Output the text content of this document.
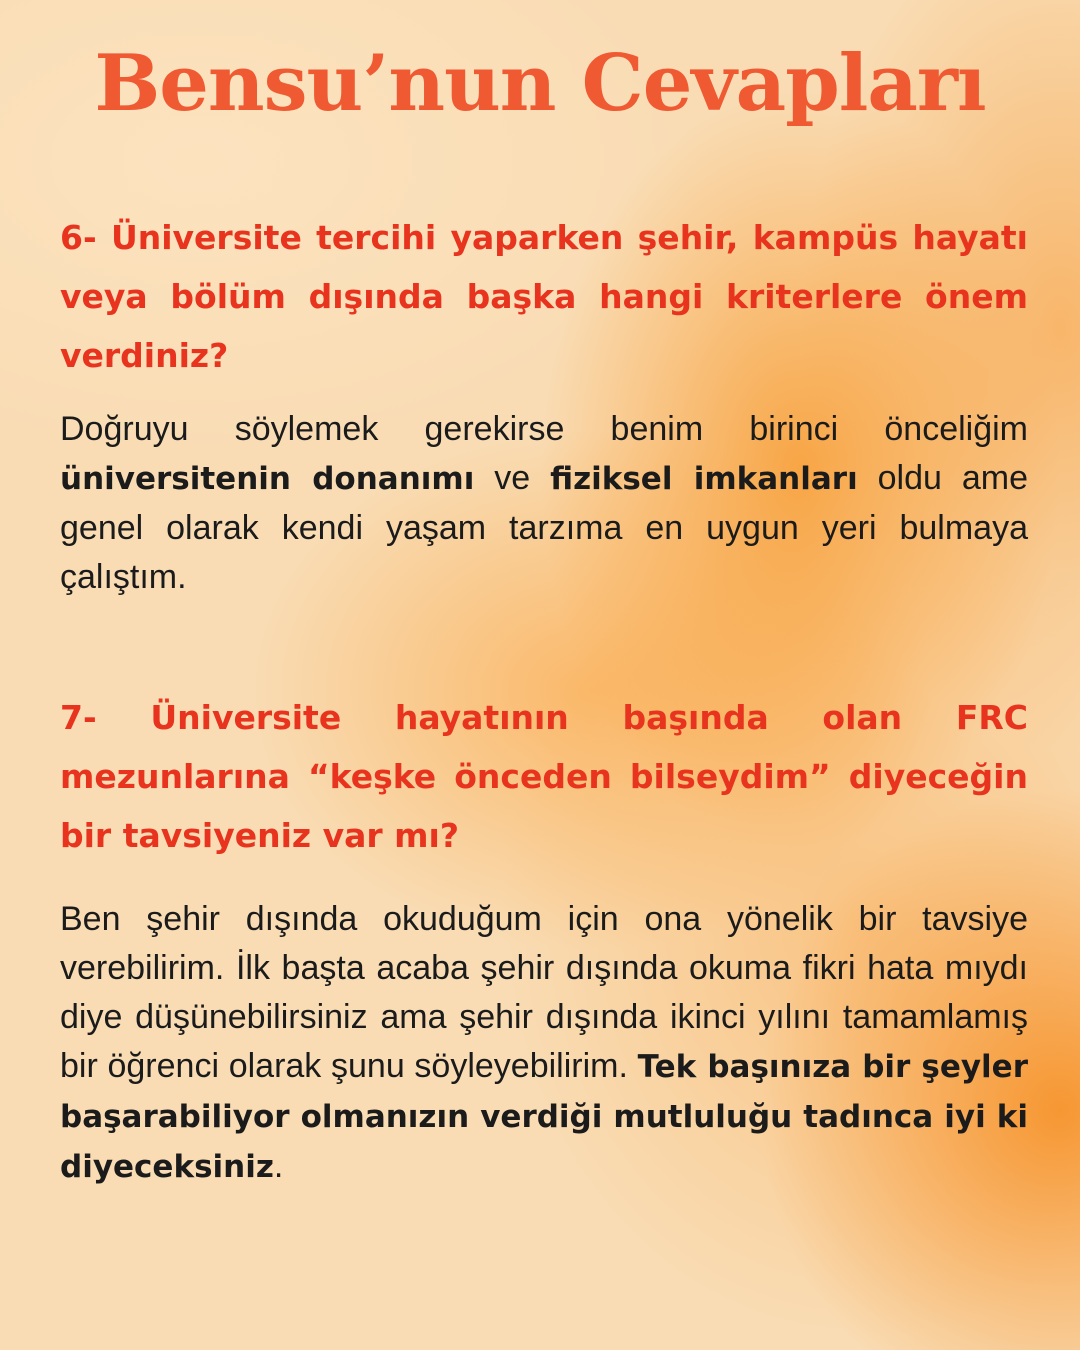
Bensu’nun Cevapları

6- Üniversite tercihi yaparken şehir, kampüs hayatı veya bölüm dışında başka hangi kriterlere önem verdiniz?

Doğruyu söylemek gerekirse benim birinci önceliğim üniversitenin donanımı ve fiziksel imkanları oldu ame genel olarak kendi yaşam tarzıma en uygun yeri bulmaya çalıştım.

7- Üniversite hayatının başında olan FRC mezunlarına “keşke önceden bilseydim” diyeceğin bir tavsiyeniz var mı?

Ben şehir dışında okuduğum için ona yönelik bir tavsiye verebilirim. İlk başta acaba şehir dışında okuma fikri hata mıydı diye düşünebilirsiniz ama şehir dışında ikinci yılını tamamlamış bir öğrenci olarak şunu söyleyebilirim. Tek başınıza bir şeyler başarabiliyor olmanızın verdiği mutluluğu tadınca iyi ki diyeceksiniz.
